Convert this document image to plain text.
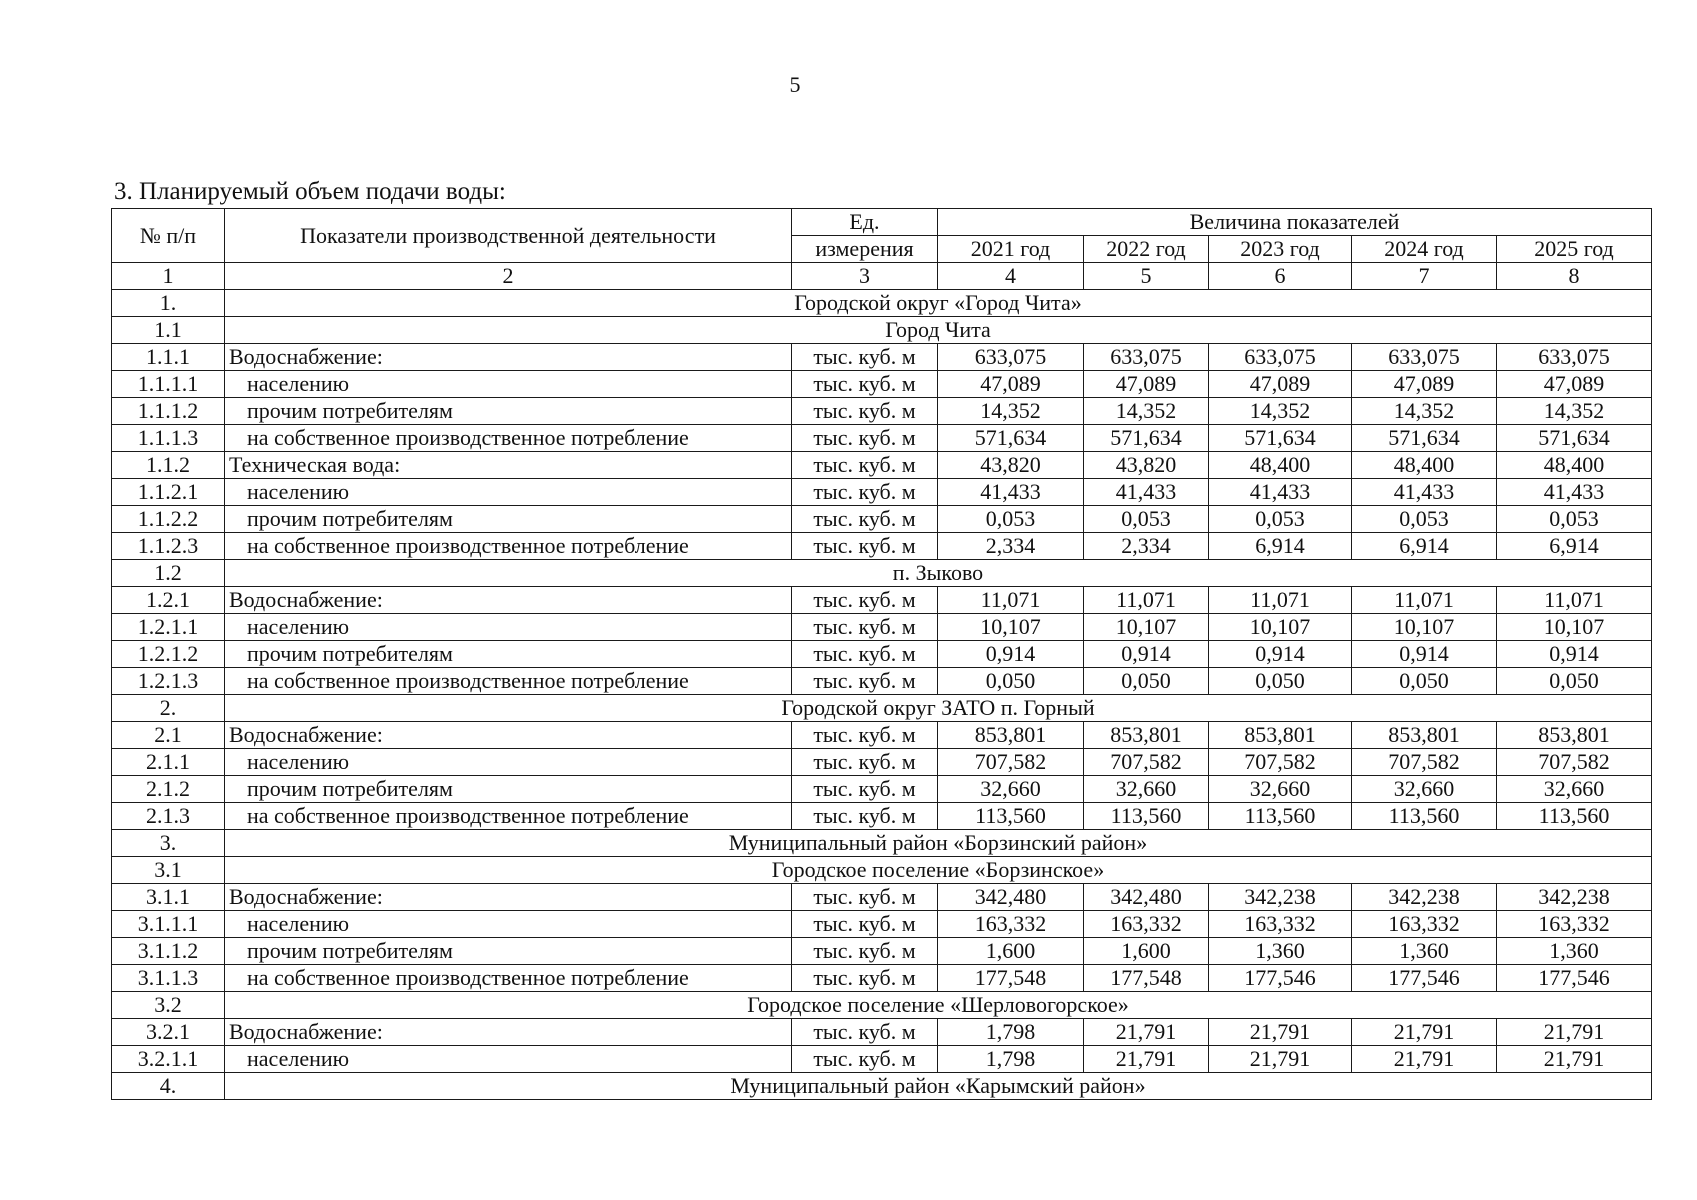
5
3. Планируемый объем подачи воды:
№ п/п	Показатели производственной деятельности	Ед.	Величина показателей				
		измерения	2021 год	2022 год	2023 год	2024 год	2025 год
1	2	3	4	5	6	7	8
1.	Городской округ «Город Чита»						
1.1	Город Чита						
1.1.1	Водоснабжение:	тыс. куб. м	633,075	633,075	633,075	633,075	633,075
1.1.1.1	населению	тыс. куб. м	47,089	47,089	47,089	47,089	47,089
1.1.1.2	прочим потребителям	тыс. куб. м	14,352	14,352	14,352	14,352	14,352
1.1.1.3	на собственное производственное потребление	тыс. куб. м	571,634	571,634	571,634	571,634	571,634
1.1.2	Техническая вода:	тыс. куб. м	43,820	43,820	48,400	48,400	48,400
1.1.2.1	населению	тыс. куб. м	41,433	41,433	41,433	41,433	41,433
1.1.2.2	прочим потребителям	тыс. куб. м	0,053	0,053	0,053	0,053	0,053
1.1.2.3	на собственное производственное потребление	тыс. куб. м	2,334	2,334	6,914	6,914	6,914
1.2	п. Зыково						
1.2.1	Водоснабжение:	тыс. куб. м	11,071	11,071	11,071	11,071	11,071
1.2.1.1	населению	тыс. куб. м	10,107	10,107	10,107	10,107	10,107
1.2.1.2	прочим потребителям	тыс. куб. м	0,914	0,914	0,914	0,914	0,914
1.2.1.3	на собственное производственное потребление	тыс. куб. м	0,050	0,050	0,050	0,050	0,050
2.	Городской округ ЗАТО п. Горный						
2.1	Водоснабжение:	тыс. куб. м	853,801	853,801	853,801	853,801	853,801
2.1.1	населению	тыс. куб. м	707,582	707,582	707,582	707,582	707,582
2.1.2	прочим потребителям	тыс. куб. м	32,660	32,660	32,660	32,660	32,660
2.1.3	на собственное производственное потребление	тыс. куб. м	113,560	113,560	113,560	113,560	113,560
3.	Муниципальный район «Борзинский район»						
3.1	Городское поселение «Борзинское»						
3.1.1	Водоснабжение:	тыс. куб. м	342,480	342,480	342,238	342,238	342,238
3.1.1.1	населению	тыс. куб. м	163,332	163,332	163,332	163,332	163,332
3.1.1.2	прочим потребителям	тыс. куб. м	1,600	1,600	1,360	1,360	1,360
3.1.1.3	на собственное производственное потребление	тыс. куб. м	177,548	177,548	177,546	177,546	177,546
3.2	Городское поселение «Шерловогорское»						
3.2.1	Водоснабжение:	тыс. куб. м	1,798	21,791	21,791	21,791	21,791
3.2.1.1	населению	тыс. куб. м	1,798	21,791	21,791	21,791	21,791
4.	Муниципальный район «Карымский район»						
